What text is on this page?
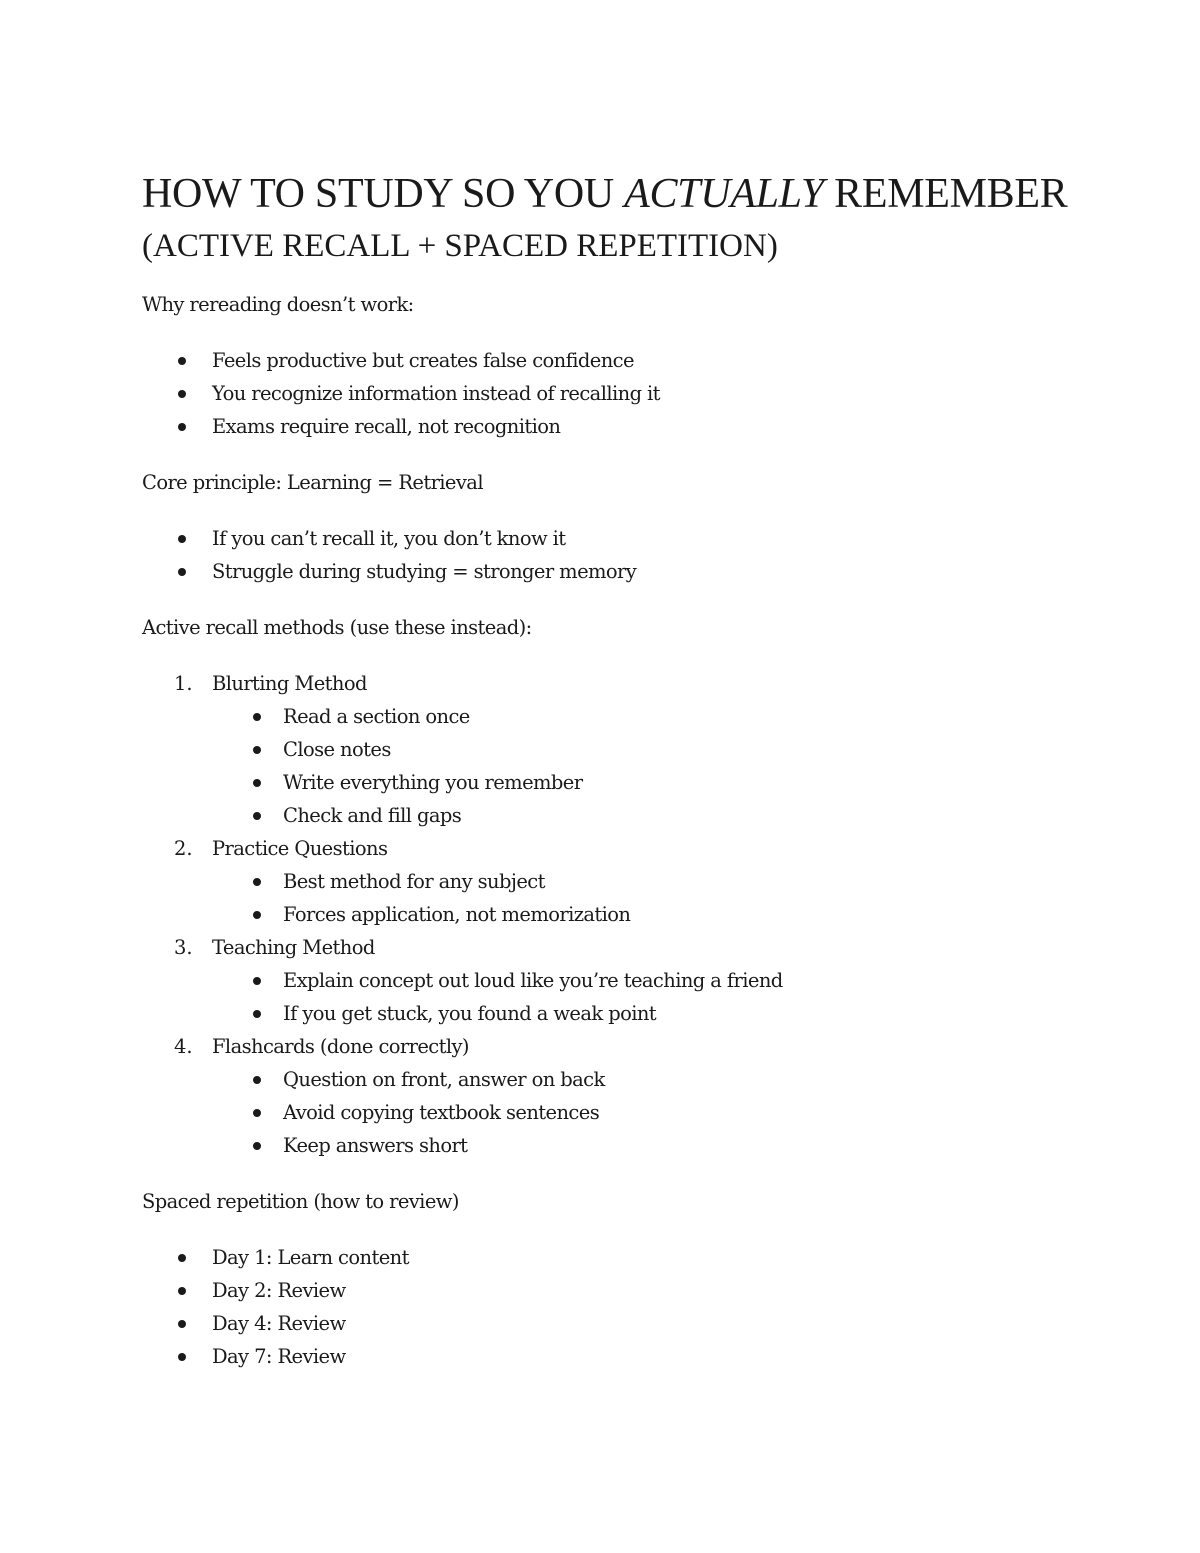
HOW TO STUDY SO YOU ACTUALLY REMEMBER
(ACTIVE RECALL + SPACED REPETITION)

Why rereading doesn’t work:

Feels productive but creates false confidence
You recognize information instead of recalling it
Exams require recall, not recognition

Core principle: Learning = Retrieval

If you can’t recall it, you don’t know it
Struggle during studying = stronger memory

Active recall methods (use these instead):

1. Blurting Method
Read a section once
Close notes
Write everything you remember
Check and fill gaps
2. Practice Questions
Best method for any subject
Forces application, not memorization
3. Teaching Method
Explain concept out loud like you’re teaching a friend
If you get stuck, you found a weak point
4. Flashcards (done correctly)
Question on front, answer on back
Avoid copying textbook sentences
Keep answers short

Spaced repetition (how to review)

Day 1: Learn content
Day 2: Review
Day 4: Review
Day 7: Review
